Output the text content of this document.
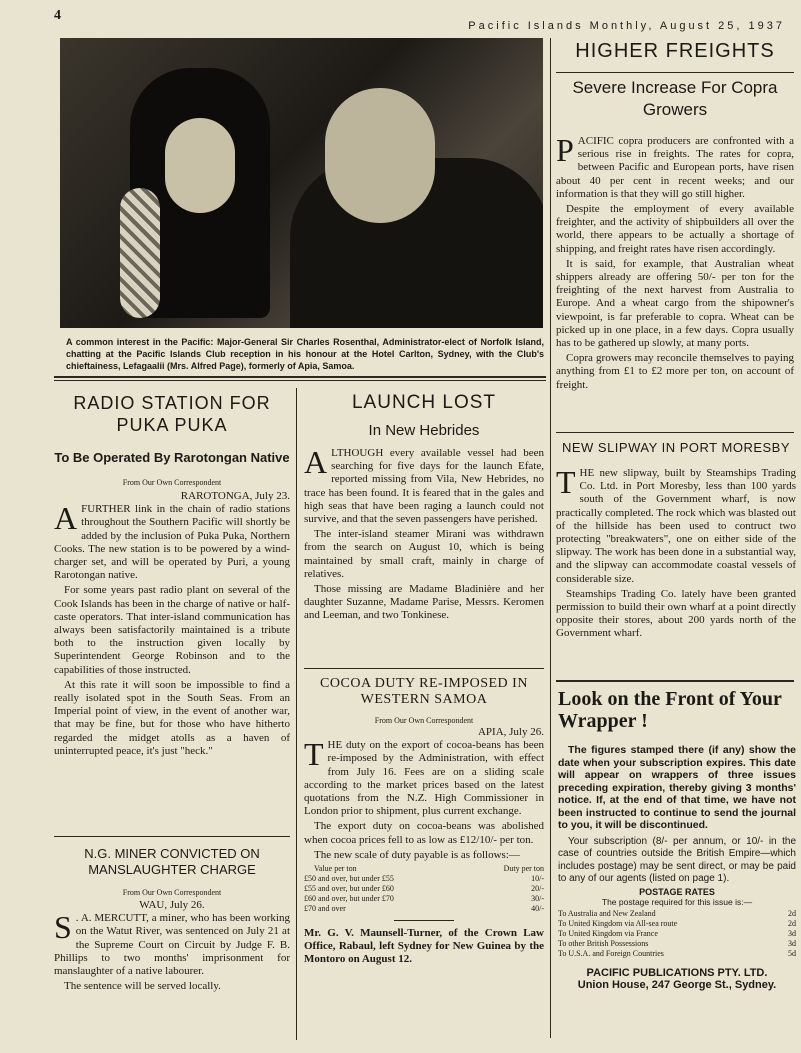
4
Pacific Islands Monthly, August 25, 1937
A common interest in the Pacific: Major-General Sir Charles Rosenthal, Administrator-elect of Norfolk Island, chatting at the Pacific Islands Club reception in his honour at the Hotel Carlton, Sydney, with the Club's chieftainess, Lefagaalii (Mrs. Alfred Page), formerly of Apia, Samoa.
HIGHER FREIGHTS
Severe Increase For Copra Growers

PACIFIC copra producers are confronted with a serious rise in freights. The rates for copra, between Pacific and European ports, have risen about 40 per cent in recent weeks; and our information is that they will go still higher.

Despite the employment of every available freighter, and the activity of shipbuilders all over the world, there appears to be actually a shortage of shipping, and freight rates have risen accordingly.

It is said, for example, that Australian wheat shippers already are offering 50/- per ton for the freighting of the next harvest from Australia to Europe. And a wheat cargo from the shipowner's viewpoint, is far preferable to copra. Wheat can be picked up in one place, in a few days. Copra usually has to be gathered up slowly, at many ports.

Copra growers may reconcile themselves to paying anything from £1 to £2 more per ton, on account of freight.

RADIO STATION FOR PUKA PUKA
To Be Operated By Rarotongan Native
From Our Own Correspondent
RAROTONGA, July 23.

AFURTHER link in the chain of radio stations throughout the Southern Pacific will shortly be added by the inclusion of Puka Puka, Northern Cooks. The new station is to be powered by a wind-charger set, and will be operated by Puri, a young Rarotongan native.

For some years past radio plant on several of the Cook Islands has been in the charge of native or half-caste operators. That inter-island communication has always been satisfactorily maintained is a tribute both to the instruction given locally by Superintendent George Robinson and to the capabilities of those instructed.

At this rate it will soon be impossible to find a really isolated spot in the South Seas. From an Imperial point of view, in the event of another war, that may be fine, but for those who have hitherto regarded the midget atolls as a haven of uninterrupted peace, it's just "heck."

N.G. MINER CONVICTED ON MANSLAUGHTER CHARGE
From Our Own Correspondent
WAU, July 26.

S . A. MERCUTT, a miner, who has been working on the Watut River, was sentenced on July 21 at the Supreme Court on Circuit by Judge F. B. Phillips to two months' imprisonment for manslaughter of a native labourer.

The sentence will be served locally.

LAUNCH LOST
In New Hebrides

ALTHOUGH every available vessel had been searching for five days for the launch Efate, reported missing from Vila, New Hebrides, no trace has been found. It is feared that in the gales and high seas that have been raging a launch could not survive, and that the seven passengers have perished.

The inter-island steamer Mirani was withdrawn from the search on August 10, which is being maintained by small craft, mainly in charge of relatives.

Those missing are Madame Bladinière and her daughter Suzanne, Madame Parise, Messrs. Keromen and Leeman, and two Tonkinese.

COCOA DUTY RE-IMPOSED IN WESTERN SAMOA
From Our Own Correspondent
APIA, July 26.

THE duty on the export of cocoa-beans has been re-imposed by the Administration, with effect from July 16. Fees are on a sliding scale according to the market prices based on the latest quotations from the N.Z. High Commissioner in London prior to shipment, plus current exchange.

The export duty on cocoa-beans was abolished when cocoa prices fell to as low as £12/10/- per ton.

The new scale of duty payable is as follows:—

Value per ton	Duty per ton
£50 and over, but under £55	10/-
£55 and over, but under £60	20/-
£60 and over, but under £70	30/-
£70 and over	40/-
Mr. G. V. Maunsell-Turner, of the Crown Law Office, Rabaul, left Sydney for New Guinea by the Montoro on August 12.
NEW SLIPWAY IN PORT MORESBY

THE new slipway, built by Steamships Trading Co. Ltd. in Port Moresby, less than 100 yards south of the Government wharf, is now practically completed. The rock which was blasted out of the hillside has been used to contruct two protecting "breakwaters", one on either side of the slipway. The work has been done in a substantial way, and the slipway can accommodate coastal vessels of considerable size.

Steamships Trading Co. lately have been granted permission to build their own wharf at a point directly opposite their stores, about 200 yards north of the Government wharf.

Look on the Front of Your Wrapper !
The figures stamped there (if any) show the date when your subscription expires. This date will appear on wrappers of three issues preceding expiration, thereby giving 3 months' notice. If, at the end of that time, we have not been instructed to continue to send the journal to you, it will be discontinued.
Your subscription (8/- per annum, or 10/- in the case of countries outside the British Empire—which includes postage) may be sent direct, or may be paid to any of our agents (listed on page 1).
POSTAGE RATES
The postage required for this issue is:—
To Australia and New Zealand	2d
To United Kingdom via All-sea route	2d
To United Kingdom via France	3d
To other British Possessions	3d
To U.S.A. and Foreign Countries	5d
PACIFIC PUBLICATIONS PTY. LTD.
Union House, 247 George St., Sydney.
